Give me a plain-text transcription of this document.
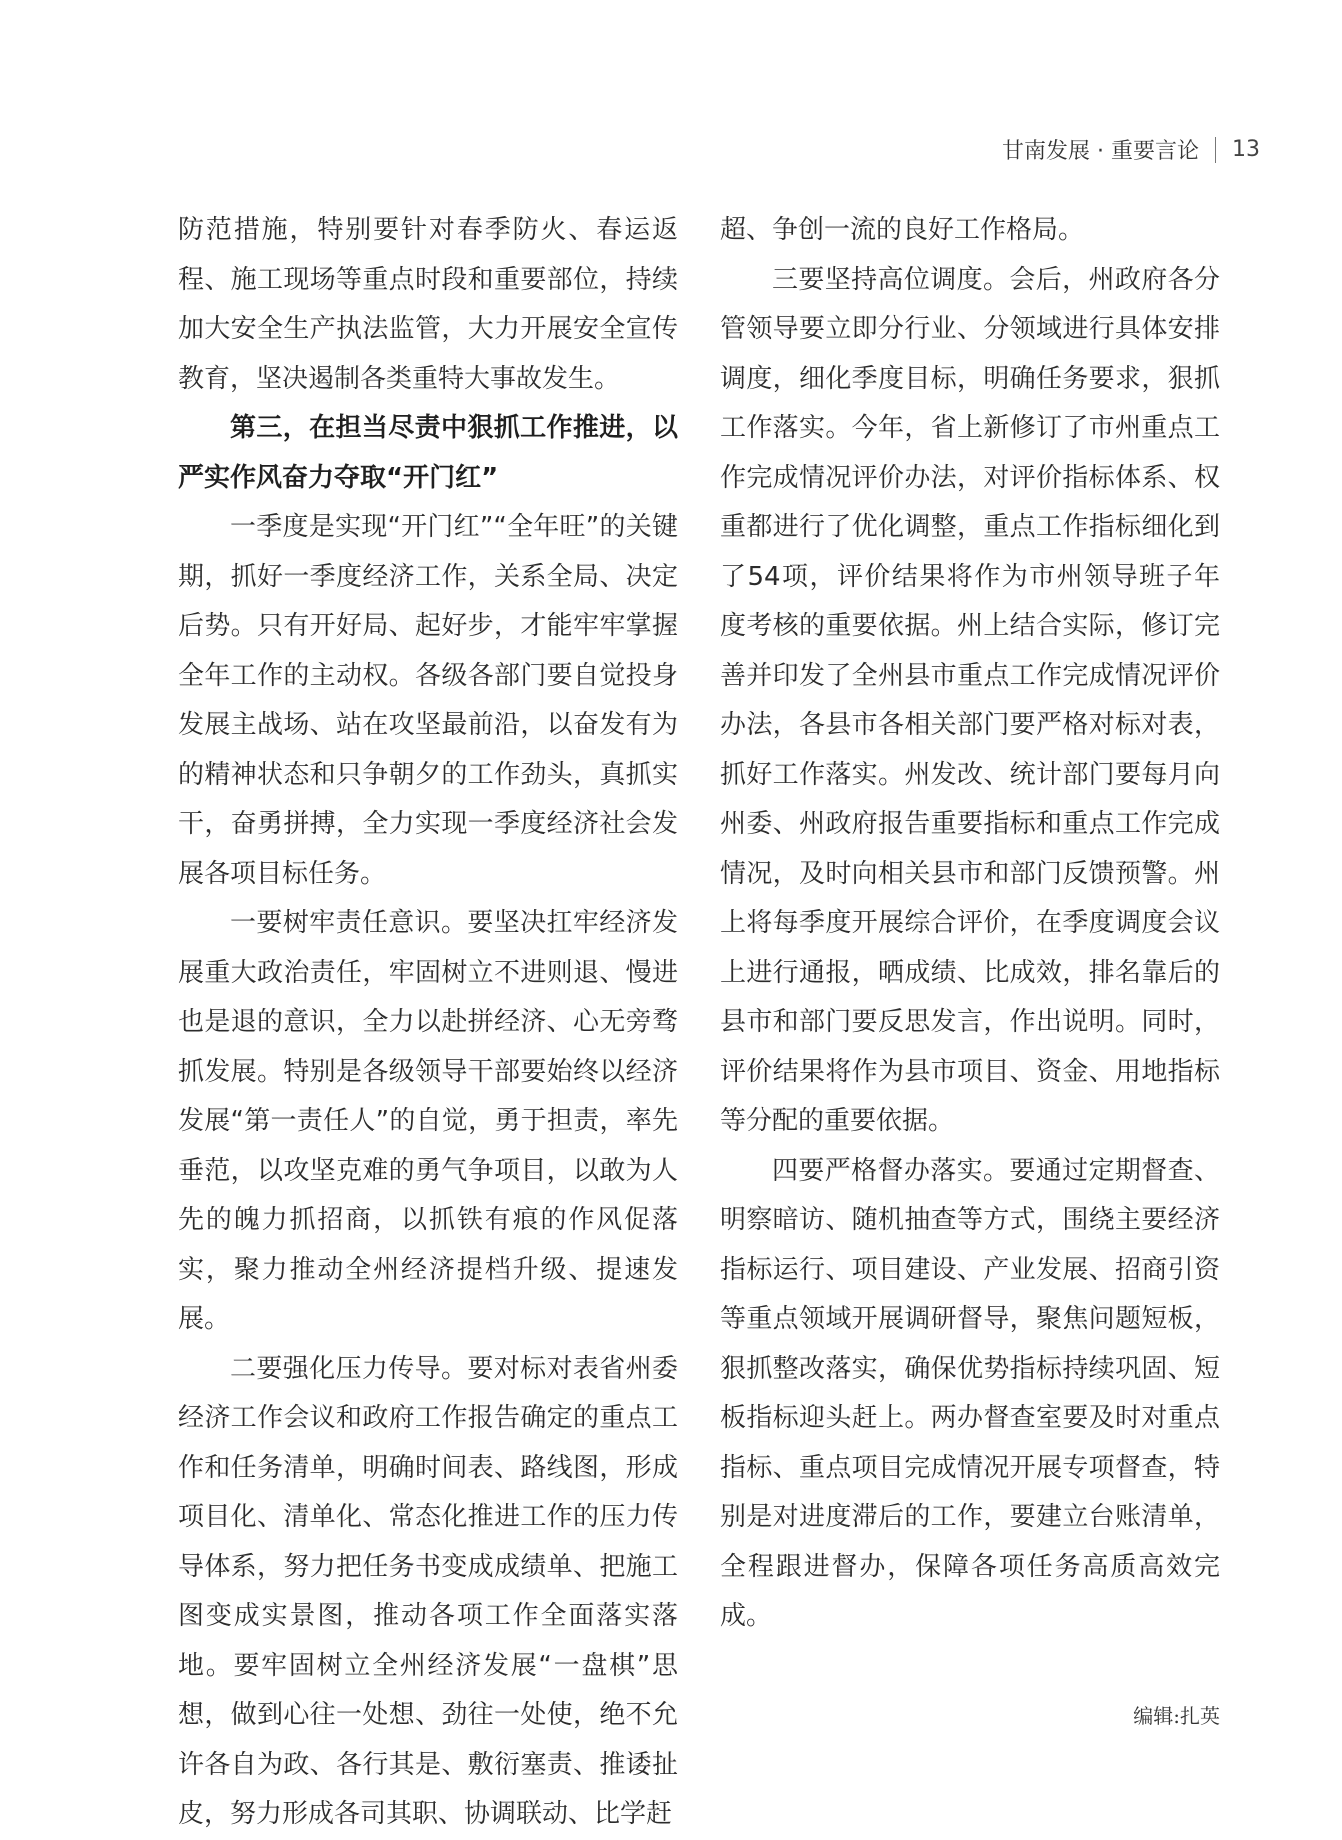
甘南发展 · 重要言论 13

防范措施，特别要针对春季防火、春运返程、施工现场等重点时段和重要部位，持续加大安全生产执法监管，大力开展安全宣传教育，坚决遏制各类重特大事故发生。

第三，在担当尽责中狠抓工作推进，以严实作风奋力夺取“开门红”

一季度是实现“开门红”“全年旺”的关键期，抓好一季度经济工作，关系全局、决定后势。只有开好局、起好步，才能牢牢掌握全年工作的主动权。各级各部门要自觉投身发展主战场、站在攻坚最前沿，以奋发有为的精神状态和只争朝夕的工作劲头，真抓实干，奋勇拼搏，全力实现一季度经济社会发展各项目标任务。

一要树牢责任意识。要坚决扛牢经济发展重大政治责任，牢固树立不进则退、慢进也是退的意识，全力以赴拼经济、心无旁骛抓发展。特别是各级领导干部要始终以经济发展“第一责任人”的自觉，勇于担责，率先垂范，以攻坚克难的勇气争项目，以敢为人先的魄力抓招商，以抓铁有痕的作风促落实，聚力推动全州经济提档升级、提速发展。

二要强化压力传导。要对标对表省州委经济工作会议和政府工作报告确定的重点工作和任务清单，明确时间表、路线图，形成项目化、清单化、常态化推进工作的压力传导体系，努力把任务书变成成绩单、把施工图变成实景图，推动各项工作全面落实落地。要牢固树立全州经济发展“一盘棋”思想，做到心往一处想、劲往一处使，绝不允许各自为政、各行其是、敷衍塞责、推诿扯皮，努力形成各司其职、协调联动、比学赶

超、争创一流的良好工作格局。

三要坚持高位调度。会后，州政府各分管领导要立即分行业、分领域进行具体安排调度，细化季度目标，明确任务要求，狠抓工作落实。今年，省上新修订了市州重点工作完成情况评价办法，对评价指标体系、权重都进行了优化调整，重点工作指标细化到了54项，评价结果将作为市州领导班子年度考核的重要依据。州上结合实际，修订完善并印发了全州县市重点工作完成情况评价办法，各县市各相关部门要严格对标对表，抓好工作落实。州发改、统计部门要每月向州委、州政府报告重要指标和重点工作完成情况，及时向相关县市和部门反馈预警。州上将每季度开展综合评价，在季度调度会议上进行通报，晒成绩、比成效，排名靠后的县市和部门要反思发言，作出说明。同时，评价结果将作为县市项目、资金、用地指标等分配的重要依据。

四要严格督办落实。要通过定期督查、明察暗访、随机抽查等方式，围绕主要经济指标运行、项目建设、产业发展、招商引资等重点领域开展调研督导，聚焦问题短板，狠抓整改落实，确保优势指标持续巩固、短板指标迎头赶上。两办督查室要及时对重点指标、重点项目完成情况开展专项督查，特别是对进度滞后的工作，要建立台账清单，全程跟进督办，保障各项任务高质高效完成。

编辑:扎英
